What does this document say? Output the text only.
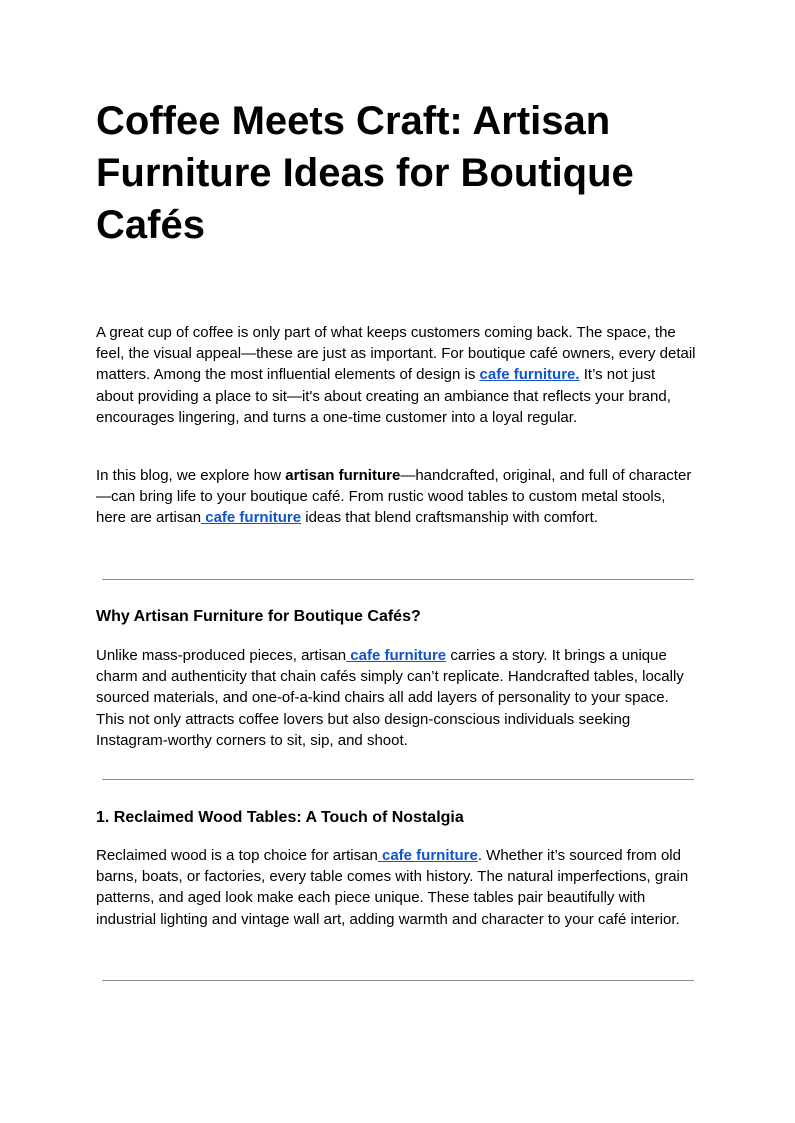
Coffee Meets Craft: Artisan Furniture Ideas for Boutique Cafés

A great cup of coffee is only part of what keeps customers coming back. The space, the feel, the visual appeal—these are just as important. For boutique café owners, every detail matters. Among the most influential elements of design is cafe furniture. It’s not just about providing a place to sit—it's about creating an ambiance that reflects your brand, encourages lingering, and turns a one-time customer into a loyal regular.

In this blog, we explore how artisan furniture—handcrafted, original, and full of character—can bring life to your boutique café. From rustic wood tables to custom metal stools, here are artisan cafe furniture ideas that blend craftsmanship with comfort.

Why Artisan Furniture for Boutique Cafés?

Unlike mass-produced pieces, artisan cafe furniture carries a story. It brings a unique charm and authenticity that chain cafés simply can’t replicate. Handcrafted tables, locally sourced materials, and one-of-a-kind chairs all add layers of personality to your space. This not only attracts coffee lovers but also design-conscious individuals seeking Instagram-worthy corners to sit, sip, and shoot.

1. Reclaimed Wood Tables: A Touch of Nostalgia

Reclaimed wood is a top choice for artisan cafe furniture. Whether it’s sourced from old barns, boats, or factories, every table comes with history. The natural imperfections, grain patterns, and aged look make each piece unique. These tables pair beautifully with industrial lighting and vintage wall art, adding warmth and character to your café interior.
